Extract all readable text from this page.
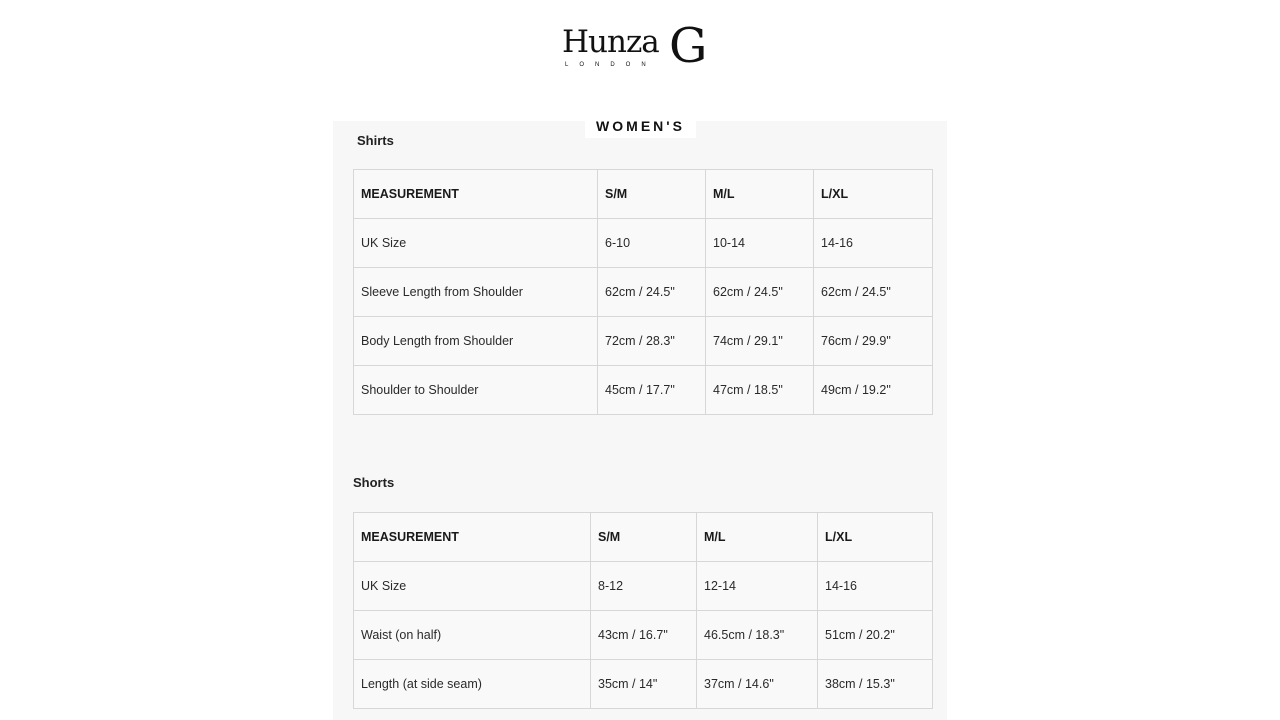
Hunza G
LONDON
WOMEN'S
Shirts
MEASUREMENT	S/M	M/L	L/XL
UK Size	6-10	10-14	14-16
Sleeve Length from Shoulder	62cm / 24.5"	62cm / 24.5"	62cm / 24.5"
Body Length from Shoulder	72cm / 28.3"	74cm / 29.1"	76cm / 29.9"
Shoulder to Shoulder	45cm / 17.7"	47cm / 18.5"	49cm / 19.2"
Shorts
MEASUREMENT	S/M	M/L	L/XL
UK Size	8-12	12-14	14-16
Waist (on half)	43cm / 16.7"	46.5cm / 18.3"	51cm / 20.2"
Length (at side seam)	35cm / 14"	37cm / 14.6"	38cm / 15.3"
